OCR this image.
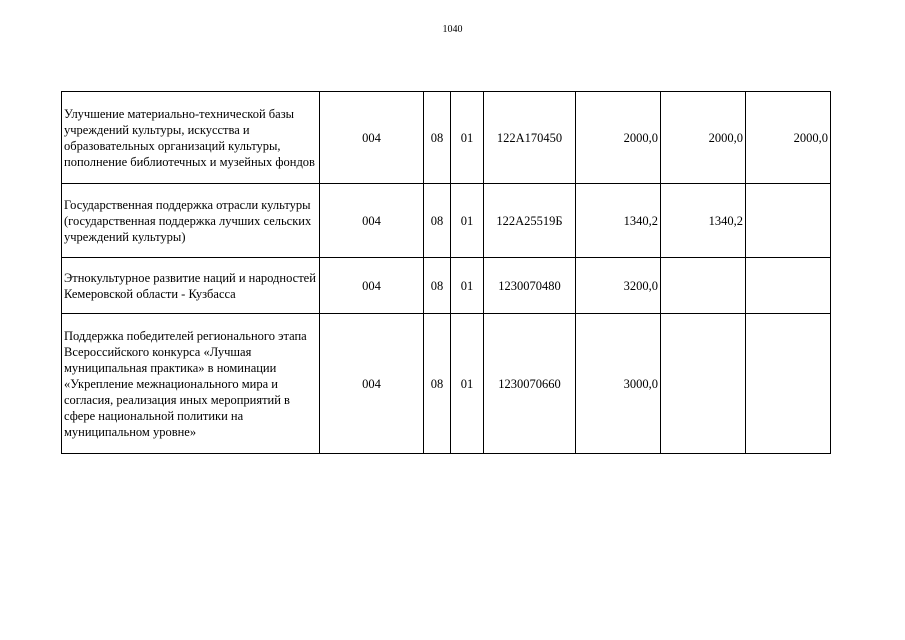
1040
Улучшение материально-технической базы учреждений культуры, искусства и образовательных организаций культуры, пополнение библиотечных и музейных фондов	004	08	01	122А170450	2000,0	2000,0	2000,0
Государственная поддержка отрасли культуры (государственная поддержка лучших сельских учреждений культуры)	004	08	01	122А25519Б	1340,2	1340,2	
Этнокультурное развитие наций и народностей Кемеровской области - Кузбасса	004	08	01	1230070480	3200,0		
Поддержка победителей регионального этапа Всероссийского конкурса «Лучшая муниципальная практика» в номинации «Укрепление межнационального мира и согласия, реализация иных мероприятий в сфере национальной политики на муниципальном уровне»	004	08	01	1230070660	3000,0		
